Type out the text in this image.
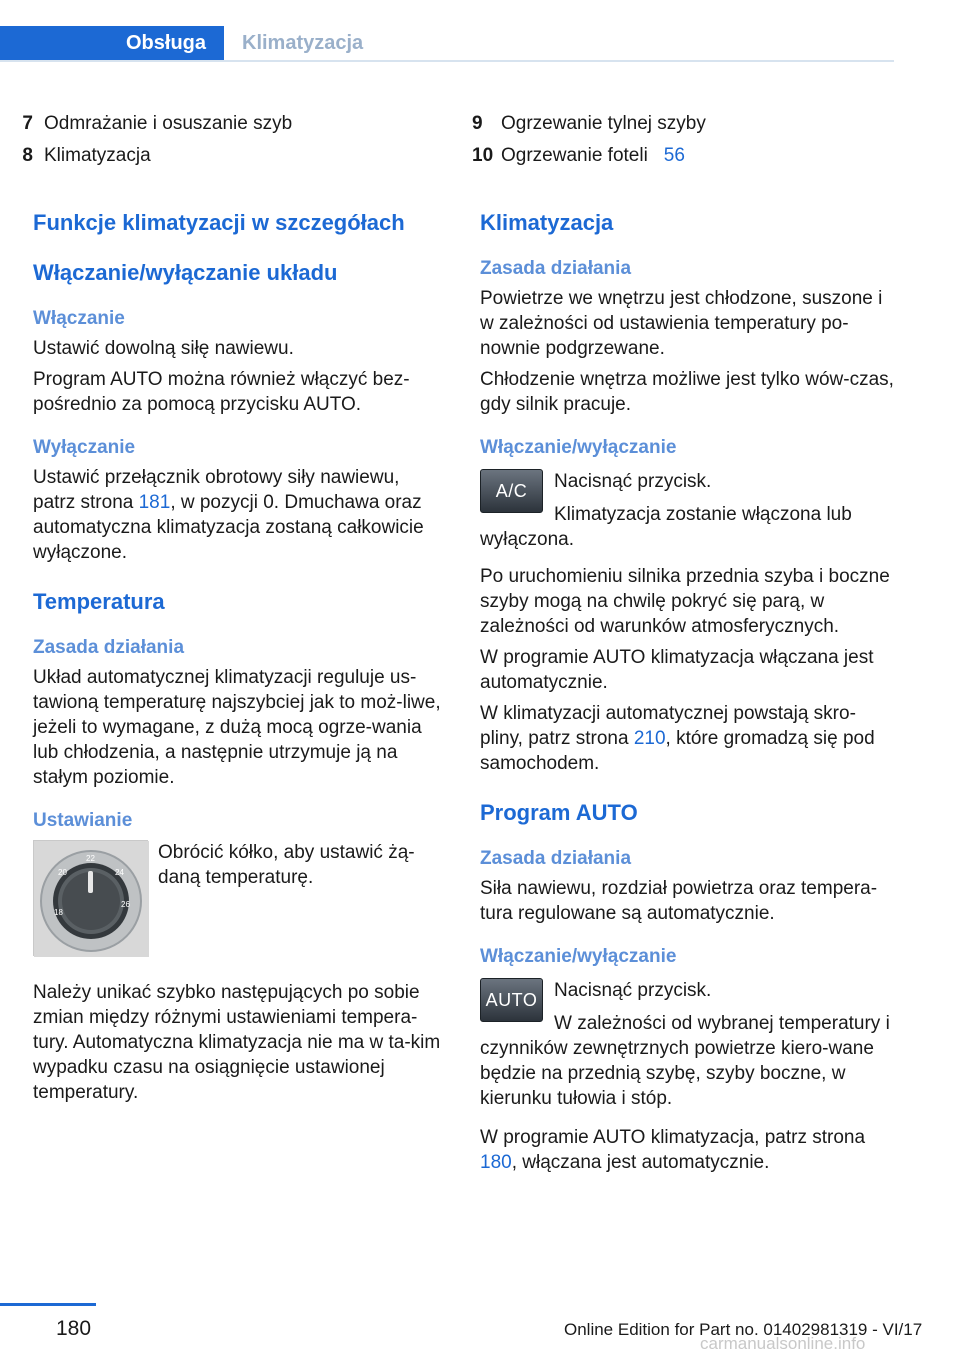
Obsługa	Klimatyzacja
7 Odmrażanie i osuszanie szyb
8 Klimatyzacja
Funkcje klimatyzacji w szczegółach
Włączanie/wyłączanie układu
Włączanie

Ustawić dowolną siłę nawiewu.

Program AUTO można również włączyć bez-pośrednio za pomocą przycisku AUTO.

Wyłączanie

Ustawić przełącznik obrotowy siły nawiewu, patrz strona 181, w pozycji 0. Dmuchawa oraz automatyczna klimatyzacja zostaną całkowicie wyłączone.

Temperatura
Zasada działania

Układ automatycznej klimatyzacji reguluje us-tawioną temperaturę najszybciej jak to moż-liwe, jeżeli to wymagane, z dużą mocą ogrze-wania lub chłodzenia, a następnie utrzymuje ją na stałym poziomie.

Ustawianie
18
20
22
24
26

Obrócić kółko, aby ustawić żą-daną temperaturę.

Należy unikać szybko następujących po sobie zmian między różnymi ustawieniami tempera-tury. Automatyczna klimatyzacja nie ma w ta-kim wypadku czasu na osiągnięcie ustawionej temperatury.

9 Ogrzewanie tylnej szyby
10 Ogrzewanie foteli 56
Klimatyzacja
Zasada działania

Powietrze we wnętrzu jest chłodzone, suszone i w zależności od ustawienia temperatury po-nownie podgrzewane.

Chłodzenie wnętrza możliwe jest tylko wów-czas, gdy silnik pracuje.

Włączanie/wyłączanie
A/C	Nacisnąć przycisk.
Klimatyzacja zostanie włączona lub wyłączona.

Po uruchomieniu silnika przednia szyba i boczne szyby mogą na chwilę pokryć się parą, w zależności od warunków atmosferycznych.

W programie AUTO klimatyzacja włączana jest automatycznie.

W klimatyzacji automatycznej powstają skro-pliny, patrz strona 210, które gromadzą się pod samochodem.

Program AUTO
Zasada działania

Siła nawiewu, rozdział powietrza oraz tempera-tura regulowane są automatycznie.

Włączanie/wyłączanie
AUTO Nacisnąć przycisk.
W zależności od wybranej temperatury i czynników zewnętrznych powietrze kiero-wane będzie na przednią szybę, szyby boczne, w kierunku tułowia i stóp.

W programie AUTO klimatyzacja, patrz strona 180, włączana jest automatycznie.

180	Online Edition for Part no. 01402981319 - VI/17
carmanualsonline.info
